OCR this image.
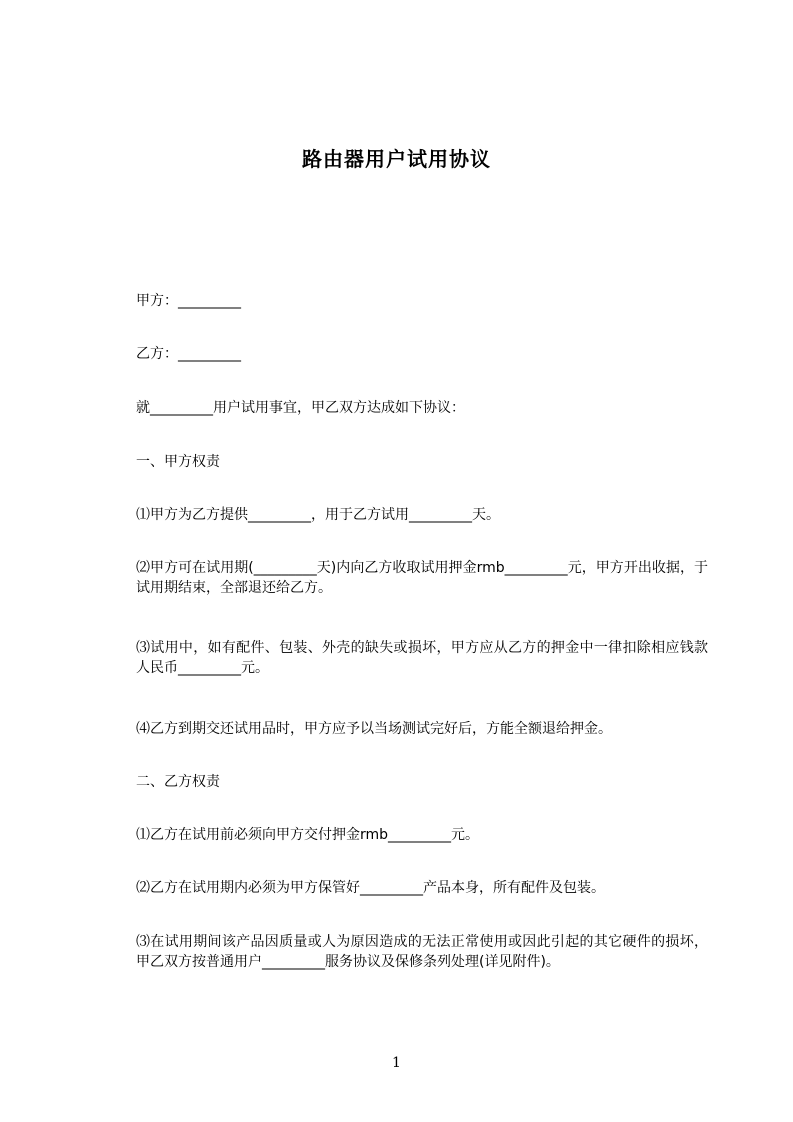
路由器用户试用协议
甲方：_________
乙方：_________
就_________用户试用事宜，甲乙双方达成如下协议：
一、甲方权责
⑴甲方为乙方提供_________，用于乙方试用_________天。
⑵甲方可在试用期(_________天)内向乙方收取试用押金rmb_________元，甲方开出收据，于试用期结束，全部退还给乙方。
⑶试用中，如有配件、包装、外壳的缺失或损坏，甲方应从乙方的押金中一律扣除相应钱款人民币_________元。
⑷乙方到期交还试用品时，甲方应予以当场测试完好后，方能全额退给押金。
二、乙方权责
⑴乙方在试用前必须向甲方交付押金rmb_________元。
⑵乙方在试用期内必须为甲方保管好_________产品本身，所有配件及包装。
⑶在试用期间该产品因质量或人为原因造成的无法正常使用或因此引起的其它硬件的损坏，甲乙双方按普通用户_________服务协议及保修条列处理(详见附件)。
1
